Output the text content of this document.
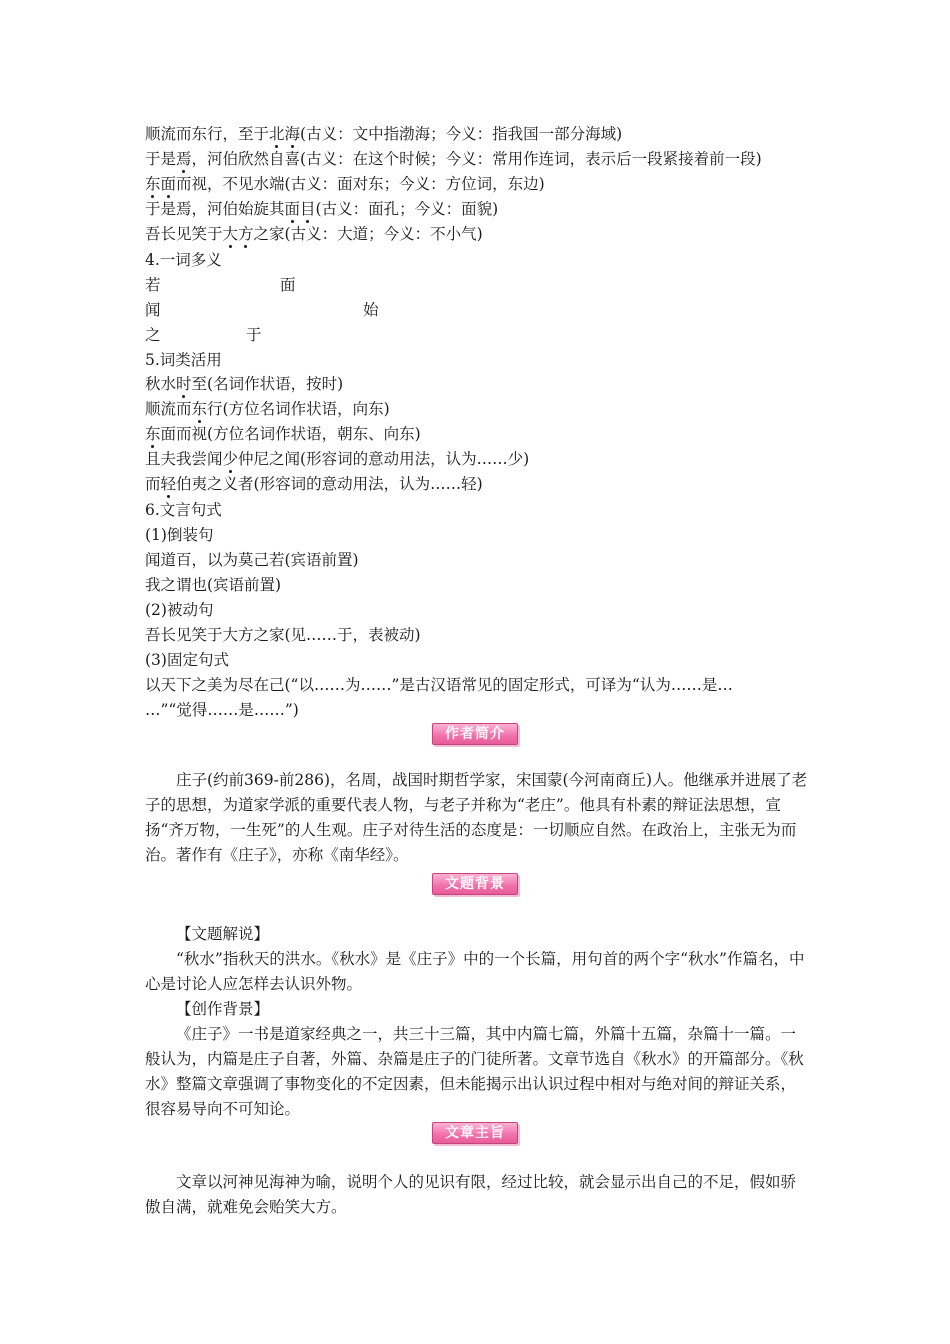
顺流而东行，至于北海(古义：文中指渤海；今义：指我国一部分海域)
于是焉，河伯欣然自喜(古义：在这个时候；今义：常用作连词，表示后一段紧接着前一段)
东面而视，不见水端(古义：面对东；今义：方位词，东边)
于是焉，河伯始旋其面目(古义：面孔；今义：面貌)
吾长见笑于大方之家(古义：大道；今义：不小气)
4.一词多义
若	面
闻	始
之	于
5.词类活用
秋水时至(名词作状语，按时)
顺流而东行(方位名词作状语，向东)
东面而视(方位名词作状语，朝东、向东)
且夫我尝闻少仲尼之闻(形容词的意动用法，认为……少)
而轻伯夷之义者(形容词的意动用法，认为……轻)
6.文言句式
(1)倒装句
闻道百，以为莫己若(宾语前置)
我之谓也(宾语前置)
(2)被动句
吾长见笑于大方之家(见……于，表被动)
(3)固定句式
以天下之美为尽在己(“以……为……”是古汉语常见的固定形式，可译为“认为……是…
…”“觉得……是……”)
作者简介
庄子(约前369-前286)，名周，战国时期哲学家，宋国蒙(今河南商丘)人。他继承并进展了老子的思想，为道家学派的重要代表人物，与老子并称为“老庄”。他具有朴素的辩证法思想，宣扬“齐万物，一生死”的人生观。庄子对待生活的态度是：一切顺应自然。在政治上，主张无为而治。著作有《庄子》，亦称《南华经》。
文题背景
【文题解说】
“秋水”指秋天的洪水。《秋水》是《庄子》中的一个长篇，用句首的两个字“秋水”作篇名，中心是讨论人应怎样去认识外物。
【创作背景】
《庄子》一书是道家经典之一，共三十三篇，其中内篇七篇，外篇十五篇，杂篇十一篇。一般认为，内篇是庄子自著，外篇、杂篇是庄子的门徒所著。文章节选自《秋水》的开篇部分。《秋水》整篇文章强调了事物变化的不定因素，但未能揭示出认识过程中相对与绝对间的辩证关系，很容易导向不可知论。
文章主旨
文章以河神见海神为喻，说明个人的见识有限，经过比较，就会显示出自己的不足，假如骄傲自满，就难免会贻笑大方。
